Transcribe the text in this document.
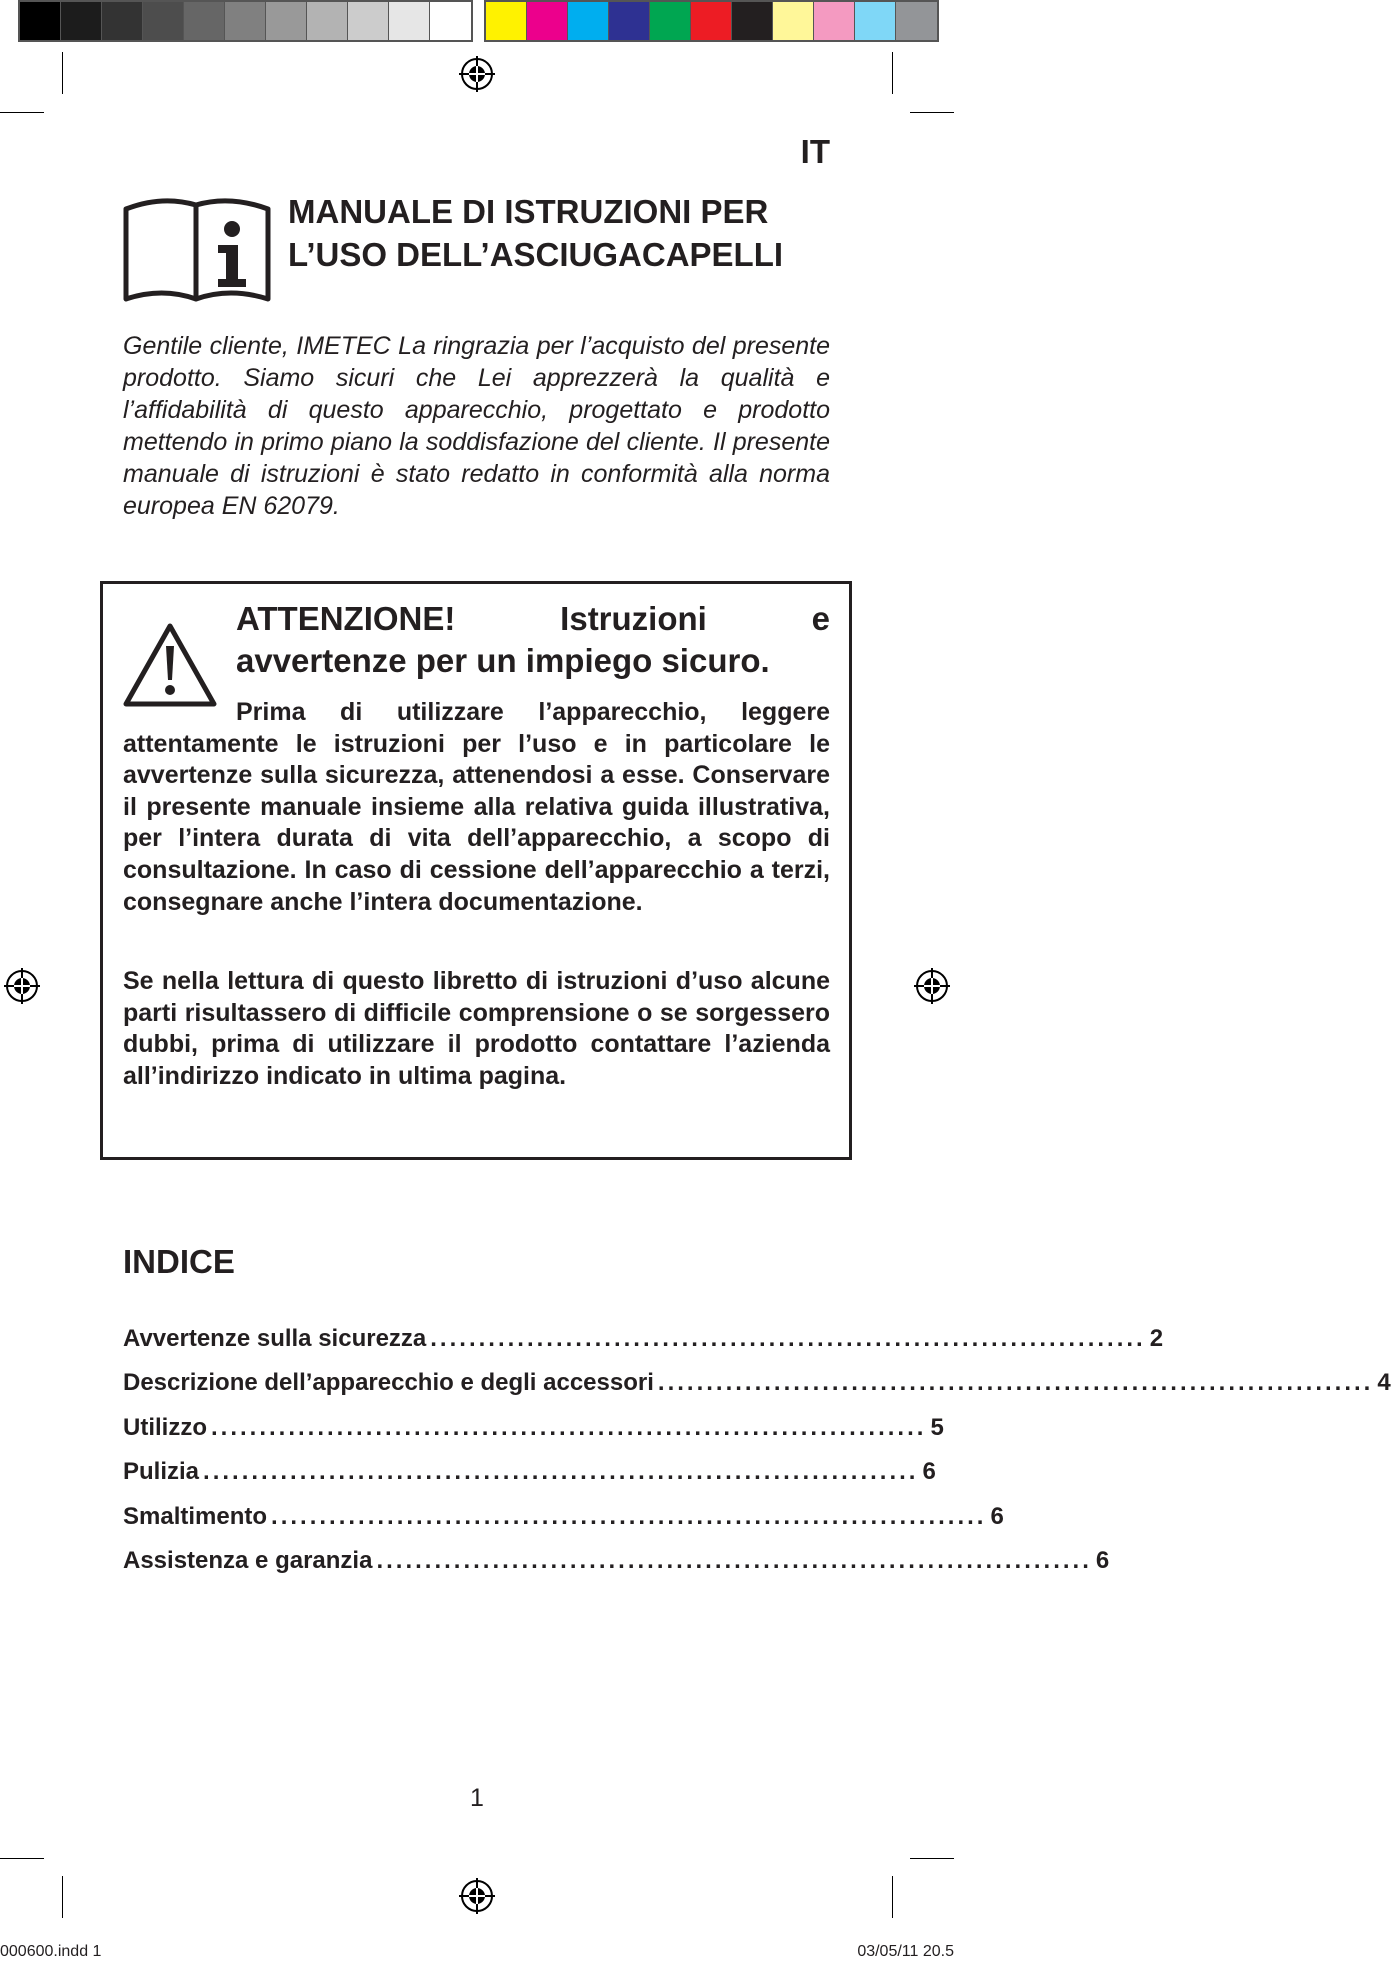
IT
MANUALE DI ISTRUZIONI PER
L’USO DELL’ASCIUGACAPELLI
Gentile cliente, IMETEC La ringrazia per l’acquisto del presente prodotto. Siamo sicuri che Lei apprezzerà la qualità e l’affidabilità di questo apparecchio, progettato e prodotto mettendo in primo piano la soddisfazione del cliente. Il presente manuale di istruzioni è stato redatto in conformità alla norma europea EN 62079.
ATTENZIONE! Istruzioni e
avvertenze per un impiego sicuro.
Prima di utilizzare l’apparecchio, leggere attentamente le istruzioni per l’uso e in particolare le avvertenze sulla sicurezza, attenendosi a esse. Conservare il presente manuale insieme alla relativa guida illustrativa, per l’intera durata di vita dell’apparecchio, a scopo di consultazione. In caso di cessione dell’apparecchio a terzi, consegnare anche l’intera documentazione.
Se nella lettura di questo libretto di istruzioni d’uso alcune parti risultassero di difficile comprensione o se sorgessero dubbi, prima di utilizzare il prodotto contattare l’azienda all’indirizzo indicato in ultima pagina.
INDICE
Avvertenze sulla sicurezza .......................................................................... 2
Descrizione dell’apparecchio e degli accessori .......................................................................... 4
Utilizzo .......................................................................... 5
Pulizia .......................................................................... 6
Smaltimento .......................................................................... 6
Assistenza e garanzia .......................................................................... 6
1
000600.indd 1	03/05/11 20.5
